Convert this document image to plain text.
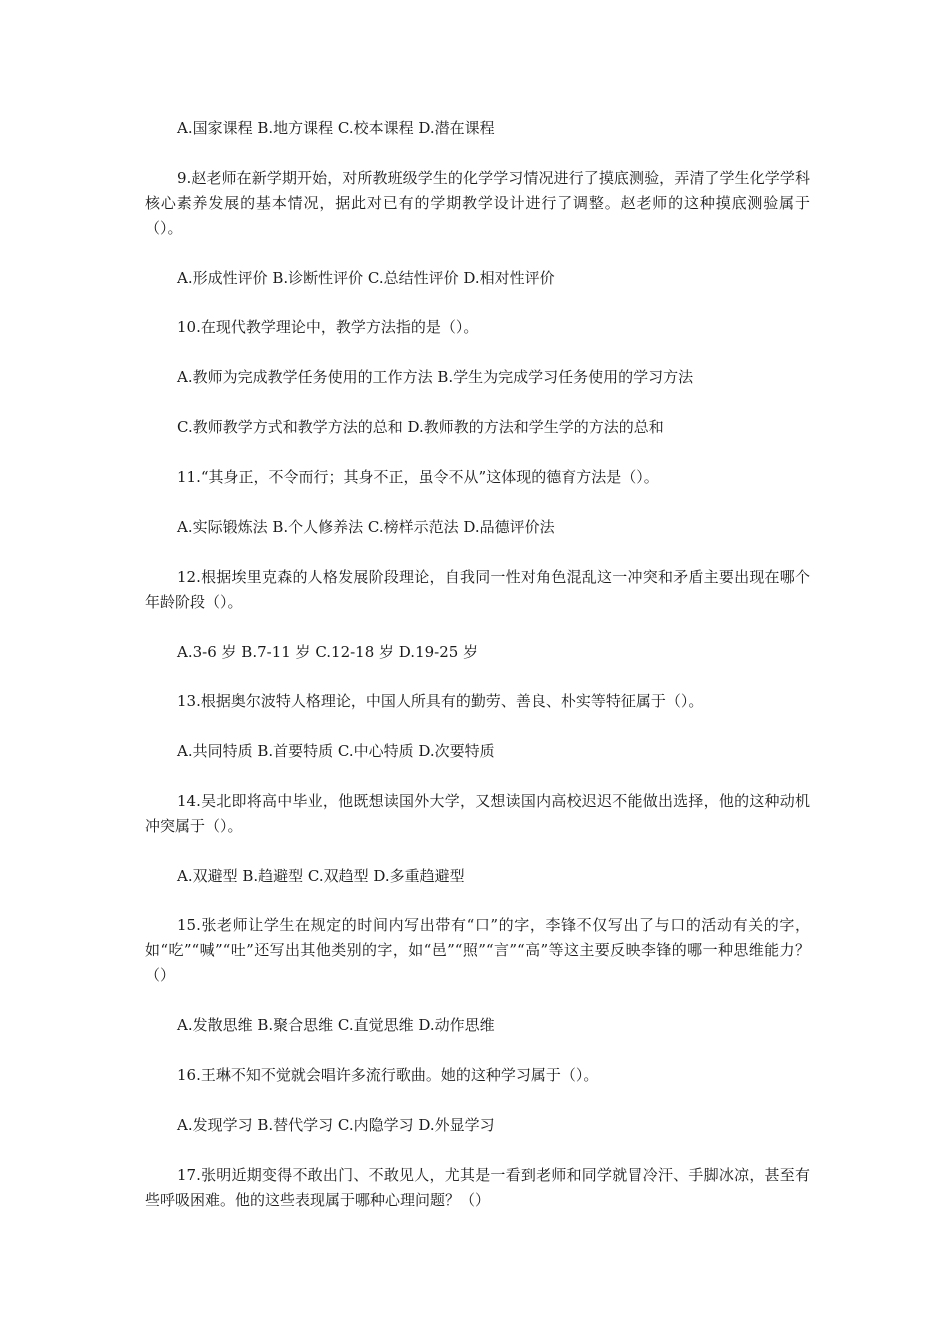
A.国家课程 B.地方课程 C.校本课程 D.潜在课程

9.赵老师在新学期开始，对所教班级学生的化学学习情况进行了摸底测验，弄清了学生化学学科核心素养发展的基本情况，据此对已有的学期教学设计进行了调整。赵老师的这种摸底测验属于（）。

A.形成性评价 B.诊断性评价 C.总结性评价 D.相对性评价

10.在现代教学理论中，教学方法指的是（）。

A.教师为完成教学任务使用的工作方法 B.学生为完成学习任务使用的学习方法

C.教师教学方式和教学方法的总和 D.教师教的方法和学生学的方法的总和

11.“其身正，不令而行；其身不正，虽令不从”这体现的德育方法是（）。

A.实际锻炼法 B.个人修养法 C.榜样示范法 D.品德评价法

12.根据埃里克森的人格发展阶段理论，自我同一性对角色混乱这一冲突和矛盾主要出现在哪个年龄阶段（）。

A.3-6 岁 B.7-11 岁 C.12-18 岁 D.19-25 岁

13.根据奥尔波特人格理论，中国人所具有的勤劳、善良、朴实等特征属于（）。

A.共同特质 B.首要特质 C.中心特质 D.次要特质

14.吴北即将高中毕业，他既想读国外大学，又想读国内高校迟迟不能做出选择，他的这种动机冲突属于（）。

A.双避型 B.趋避型 C.双趋型 D.多重趋避型

15.张老师让学生在规定的时间内写出带有“口”的字，李锋不仅写出了与口的活动有关的字，如“吃”“喊”“吐”还写出其他类别的字，如“邑”“照”“言”“高”等这主要反映李锋的哪一种思维能力？（）

A.发散思维 B.聚合思维 C.直觉思维 D.动作思维

16.王琳不知不觉就会唱许多流行歌曲。她的这种学习属于（）。

A.发现学习 B.替代学习 C.内隐学习 D.外显学习

17.张明近期变得不敢出门、不敢见人，尤其是一看到老师和同学就冒冷汗、手脚冰凉，甚至有些呼吸困难。他的这些表现属于哪种心理问题？（）
